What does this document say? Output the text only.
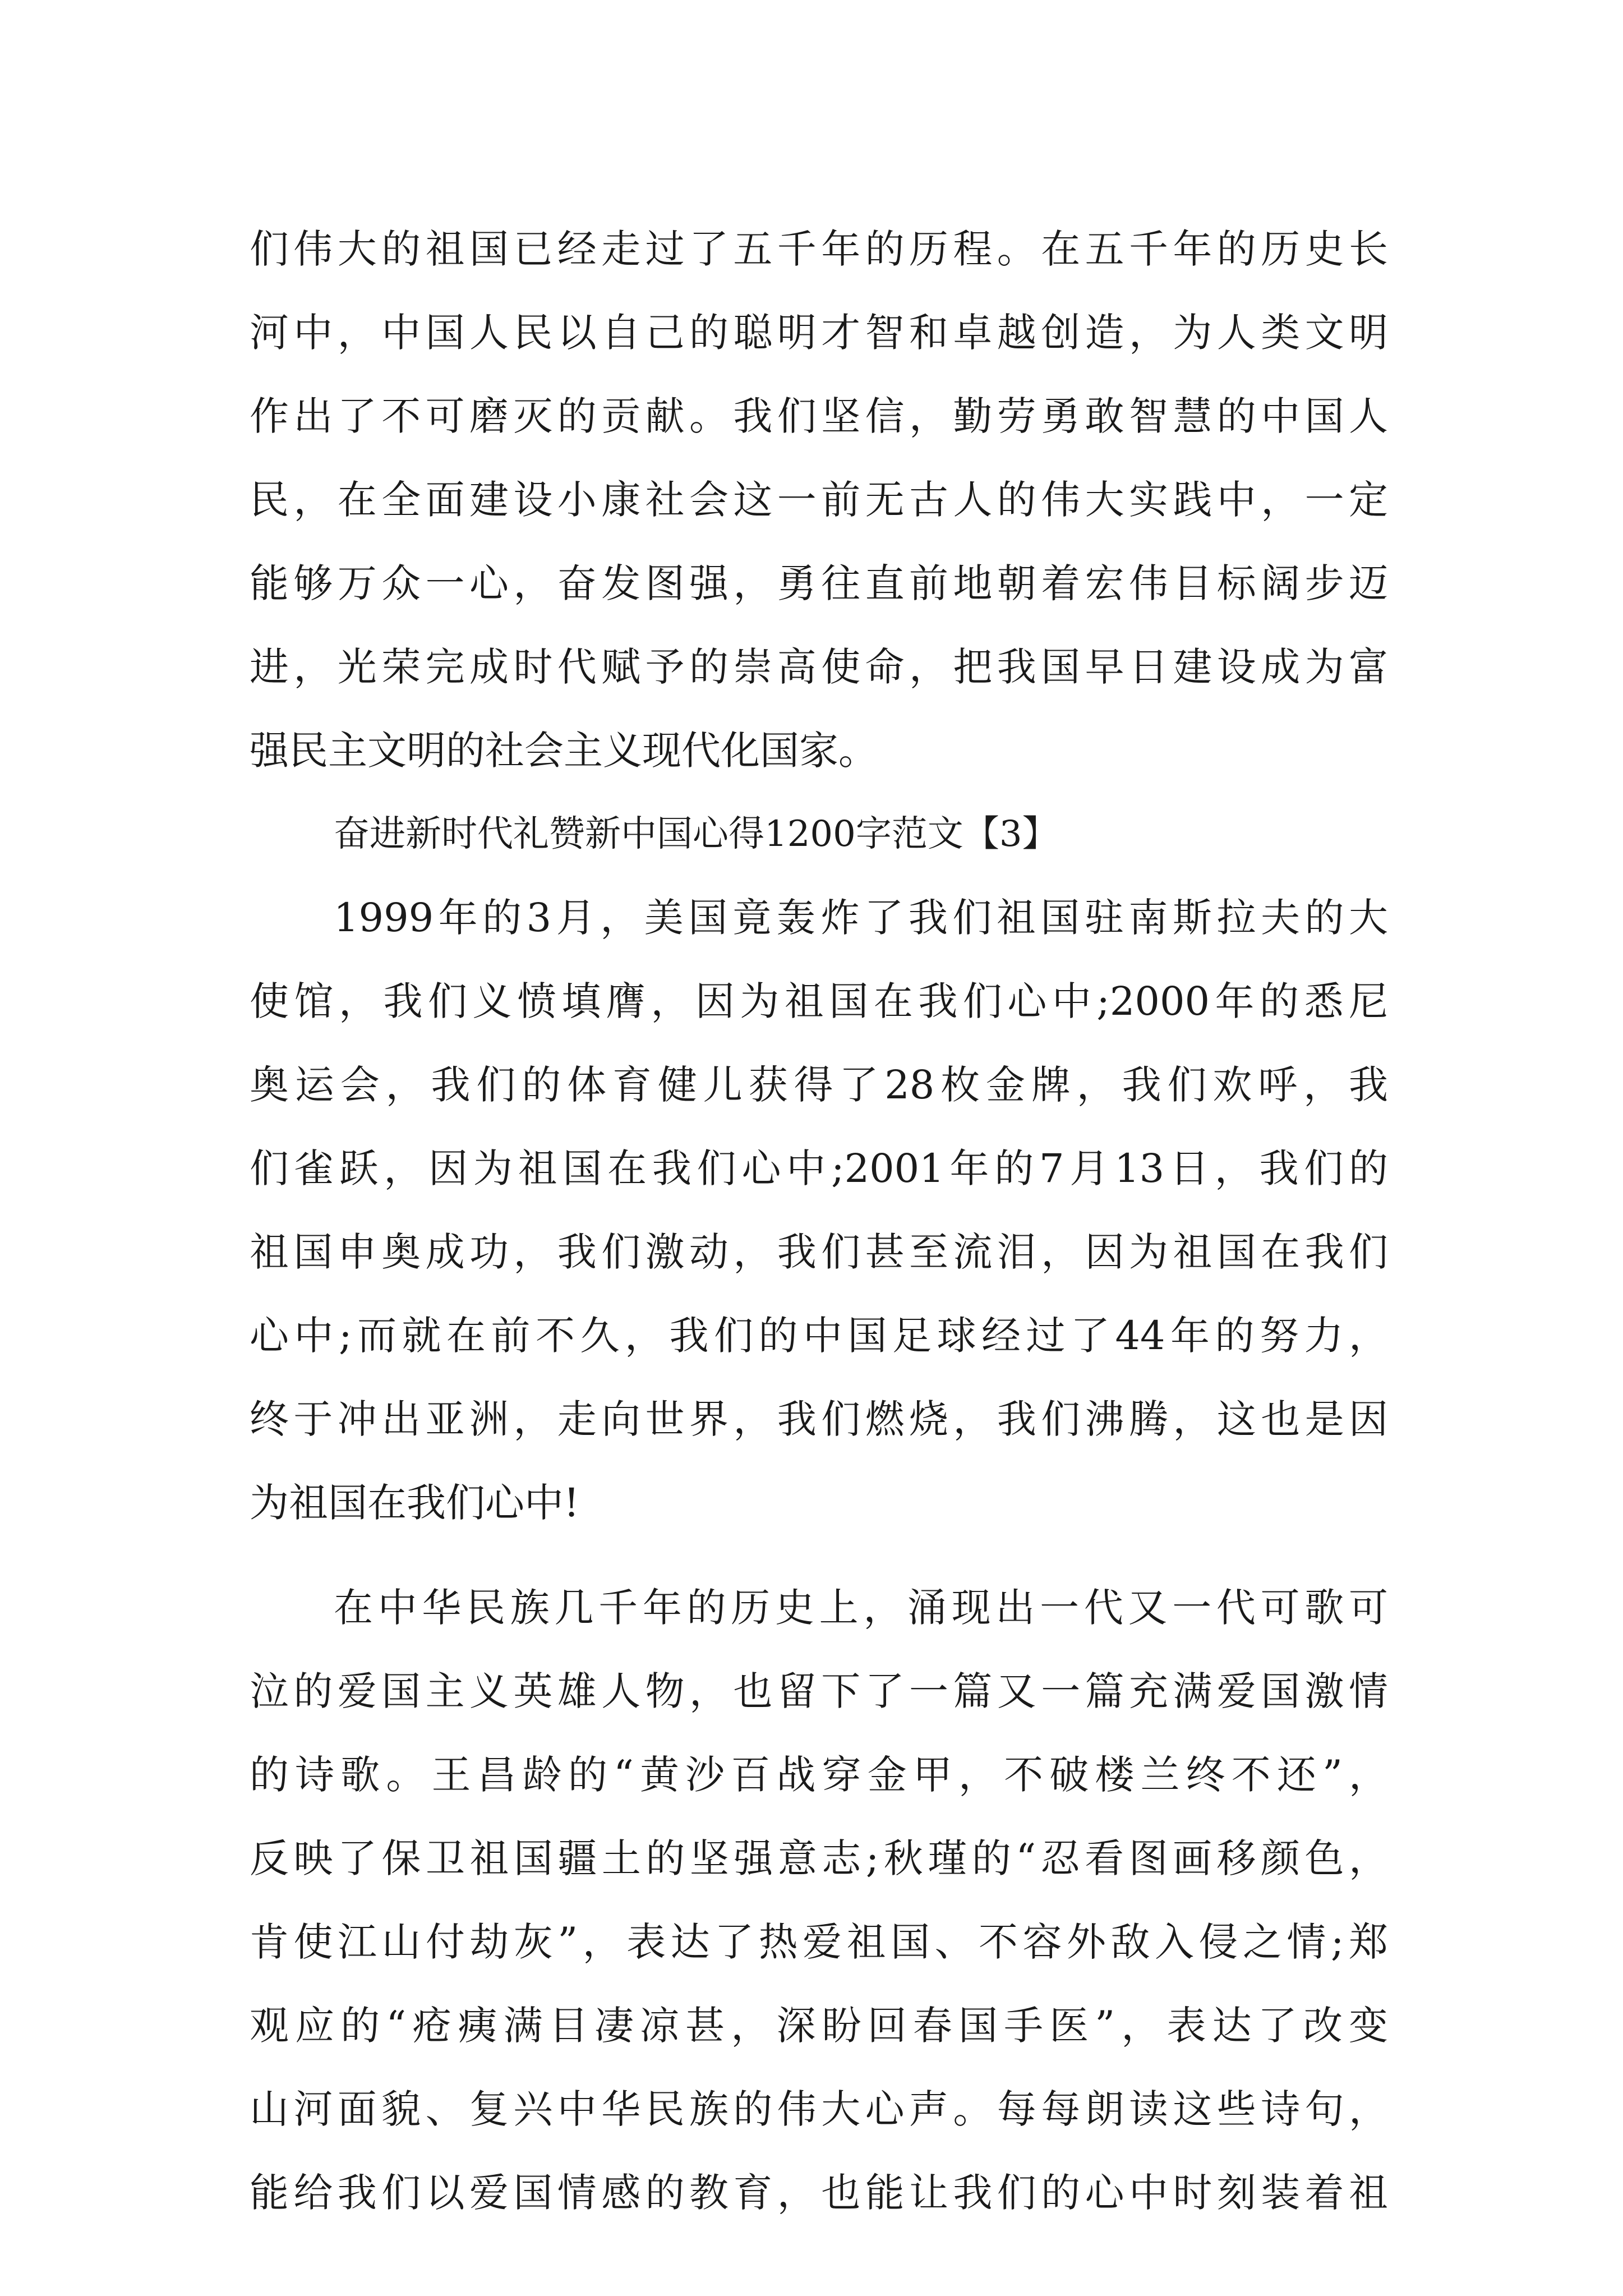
们伟大的祖国已经走过了五千年的历程。在五千年的历史长
河中，中国人民以自己的聪明才智和卓越创造，为人类文明
作出了不可磨灭的贡献。我们坚信，勤劳勇敢智慧的中国人
民，在全面建设小康社会这一前无古人的伟大实践中，一定
能够万众一心，奋发图强，勇往直前地朝着宏伟目标阔步迈
进，光荣完成时代赋予的崇高使命，把我国早日建设成为富
强民主文明的社会主义现代化国家。
奋进新时代礼赞新中国心得1200字范文【3】
1999年的3月，美国竟轰炸了我们祖国驻南斯拉夫的大
使馆，我们义愤填膺，因为祖国在我们心中;2000年的悉尼
奥运会，我们的体育健儿获得了28枚金牌，我们欢呼，我
们雀跃，因为祖国在我们心中;2001年的7月13日，我们的
祖国申奥成功，我们激动，我们甚至流泪，因为祖国在我们
心中;而就在前不久，我们的中国足球经过了44年的努力，
终于冲出亚洲，走向世界，我们燃烧，我们沸腾，这也是因
为祖国在我们心中!
在中华民族几千年的历史上，涌现出一代又一代可歌可
泣的爱国主义英雄人物，也留下了一篇又一篇充满爱国激情
的诗歌。王昌龄的“黄沙百战穿金甲，不破楼兰终不还”，
反映了保卫祖国疆土的坚强意志;秋瑾的“忍看图画移颜色，
肯使江山付劫灰”，表达了热爱祖国、不容外敌入侵之情;郑
观应的“疮痍满目凄凉甚，深盼回春国手医”，表达了改变
山河面貌、复兴中华民族的伟大心声。每每朗读这些诗句，
能给我们以爱国情感的教育，也能让我们的心中时刻装着祖
